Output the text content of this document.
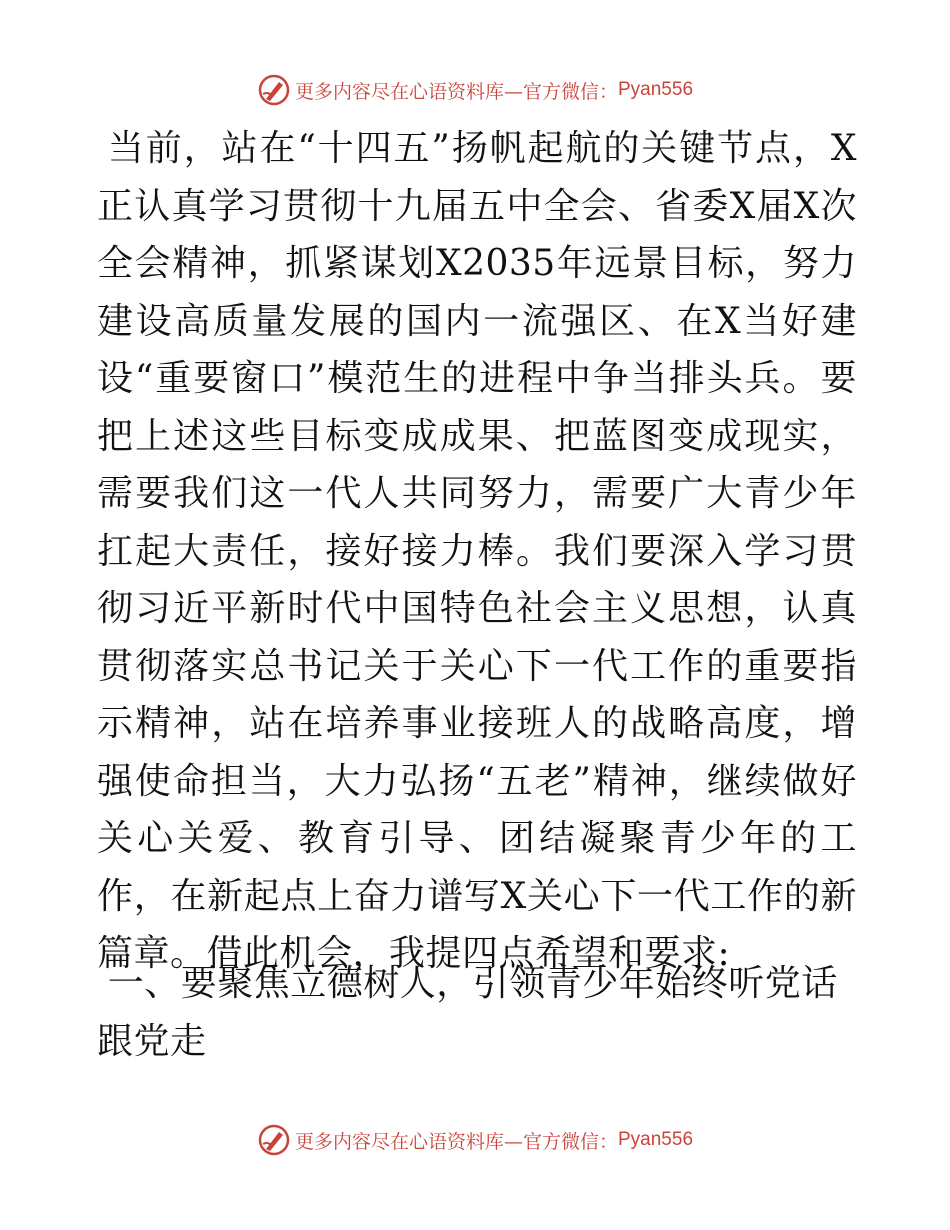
更多内容尽在心语资料库—官方微信： Pyan556

当前，站在“十四五”扬帆起航的关键节点，X正认真学习贯彻十九届五中全会、省委X届X次全会精神，抓紧谋划X2035年远景目标，努力建设高质量发展的国内一流强区、在X当好建设“重要窗口”模范生的进程中争当排头兵。要把上述这些目标变成成果、把蓝图变成现实，需要我们这一代人共同努力，需要广大青少年扛起大责任，接好接力棒。我们要深入学习贯彻习近平新时代中国特色社会主义思想，认真贯彻落实总书记关于关心下一代工作的重要指示精神，站在培养事业接班人的战略高度，增强使命担当，大力弘扬“五老”精神，继续做好关心关爱、教育引导、团结凝聚青少年的工作，在新起点上奋力谱写X关心下一代工作的新篇章。借此机会，我提四点希望和要求:

一、要聚焦立德树人，引领青少年始终听党话跟党走

更多内容尽在心语资料库—官方微信： Pyan556
